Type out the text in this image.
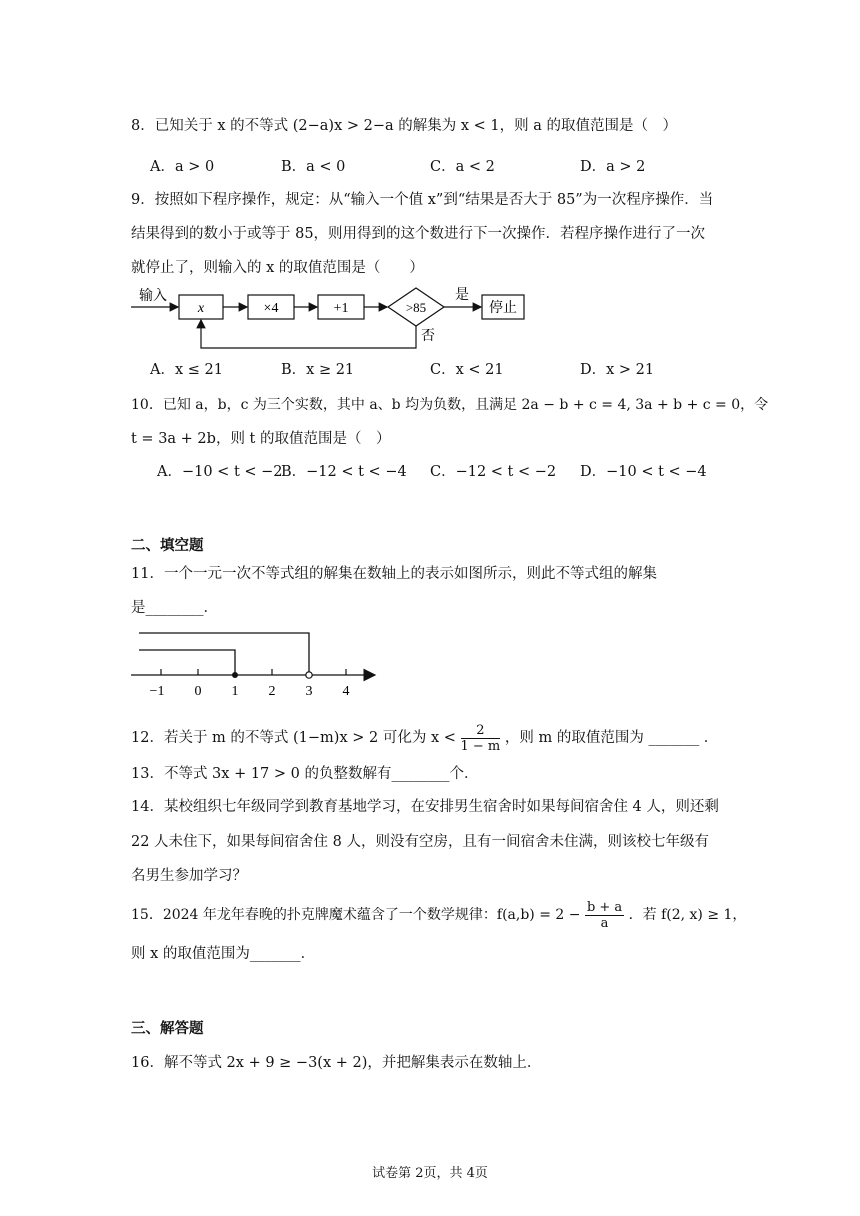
8．已知关于 x 的不等式 (2−a)x > 2−a 的解集为 x < 1，则 a 的取值范围是（　）
A．a > 0	B．a < 0	C．a < 2	D．a > 2
9．按照如下程序操作，规定：从“输入一个值 x”到“结果是否大于 85”为一次程序操作．当
结果得到的数小于或等于 85，则用得到的这个数进行下一次操作．若程序操作进行了一次
就停止了，则输入的 x 的取值范围是（　　）
输入
x	×4	+1	>85
是
停止
否
A．x ≤ 21	B．x ≥ 21	C．x < 21	D．x > 21
10．已知 a，b，c 为三个实数，其中 a、b 均为负数，且满足 2a − b + c = 4, 3a + b + c = 0，令
t = 3a + 2b，则 t 的取值范围是（　）
A．−10 < t < −2
B．−12 < t < −4 C．−12 < t < −2 D．−10 < t < −4
二、填空题
11．一个一元一次不等式组的解集在数轴上的表示如图所示，则此不等式组的解集
是________．
−1 0 1 2 3 4
12．若关于 m 的不等式 (1−m)x > 2 可化为 $x < \frac{2}{1 - m}$ ，则 m 的取值范围为 _______ ．
13．不等式 3x + 17 > 0 的负整数解有________个．
14．某校组织七年级同学到教育基地学习，在安排男生宿舍时如果每间宿舍住 4 人，则还剩
22 人未住下，如果每间宿舍住 8 人，则没有空房，且有一间宿舍未住满，则该校七年级有
名男生参加学习？
15．2024 年龙年春晚的扑克牌魔术蕴含了一个数学规律：$f(a,b) = 2 - \frac{b + a}{a}$ ．若 f(2, x) ≥ 1，
则 x 的取值范围为_______．
三、解答题
16．解不等式 2x + 9 ≥ −3(x + 2)，并把解集表示在数轴上．
试卷第 2页，共 4页
